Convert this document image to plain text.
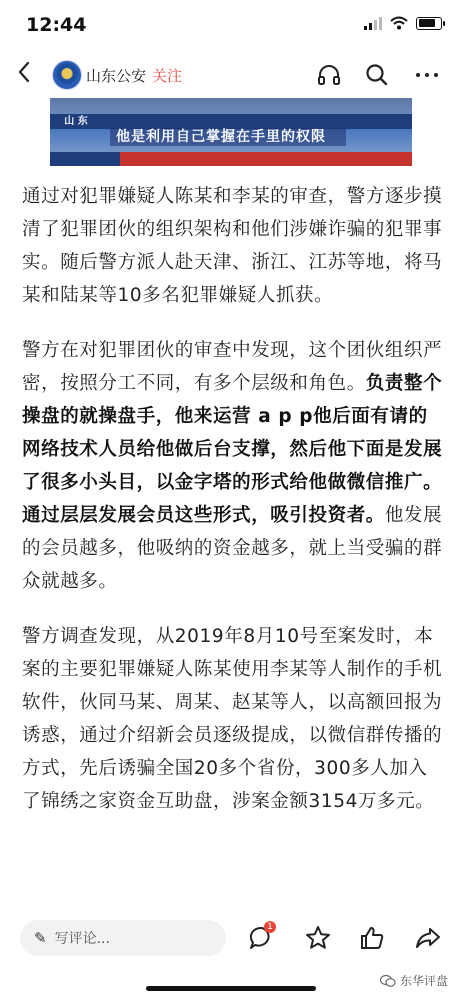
12:44
山东公安 关注
山 东
他是利用自己掌握在手里的权限

通过对犯罪嫌疑人陈某和李某的审查，警方逐步摸清了犯罪团伙的组织架构和他们涉嫌诈骗的犯罪事实。随后警方派人赴天津、浙江、江苏等地，将马某和陆某等10多名犯罪嫌疑人抓获。

警方在对犯罪团伙的审查中发现，这个团伙组织严密，按照分工不同，有多个层级和角色。负责整个操盘的就操盘手，他来运营 a p p他后面有请的网络技术人员给他做后台支撑，然后他下面是发展了很多小头目，以金字塔的形式给他做微信推广。通过层层发展会员这些形式，吸引投资者。他发展的会员越多，他吸纳的资金越多，就上当受骗的群众就越多。

警方调查发现，从2019年8月10号至案发时，本案的主要犯罪嫌疑人陈某使用李某等人制作的手机软件，伙同马某、周某、赵某等人，以高额回报为诱惑，通过介绍新会员逐级提成，以微信群传播的方式，先后诱骗全国20多个省份，300多人加入了锦绣之家资金互助盘，涉案金额3154万多元。

✎ 写评论...
1
东华评盘
